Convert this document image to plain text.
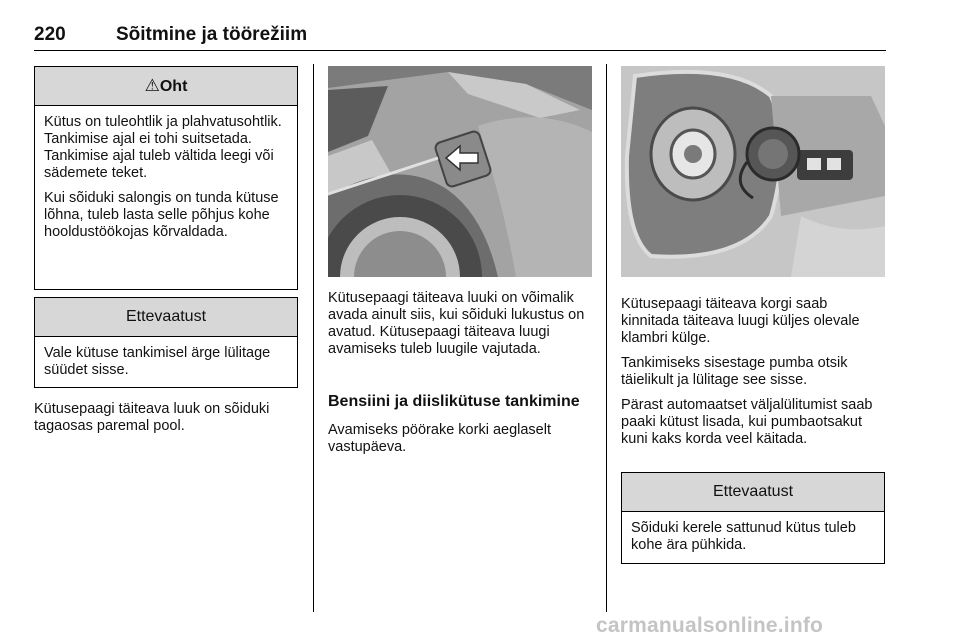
220	Sõitmine ja töörežiim
⚠Oht

Kütus on tuleohtlik ja plahvatusohtlik. Tankimise ajal ei tohi suitsetada. Tankimise ajal tuleb vältida leegi või sädemete teket.

Kui sõiduki salongis on tunda kütuse lõhna, tuleb lasta selle põhjus kohe hooldustöökojas kõrvaldada.

Ettevaatust

Vale kütuse tankimisel ärge lülitage süüdet sisse.

Kütusepaagi täiteava luuk on sõiduki tagaosas paremal pool.

Kütusepaagi täiteava luuki on võimalik avada ainult siis, kui sõiduki lukustus on avatud. Kütusepaagi täiteava luugi avamiseks tuleb luugile vajutada.

Bensiini ja diislikütuse tankimine

Avamiseks pöörake korki aeglaselt vastupäeva.

Kütusepaagi täiteava korgi saab kinnitada täiteava luugi küljes olevale klambri külge.

Tankimiseks sisestage pumba otsik täielikult ja lülitage see sisse.

Pärast automaatset väljalülitumist saab paaki kütust lisada, kui pumbaotsakut kuni kaks korda veel käitada.

Ettevaatust

Sõiduki kerele sattunud kütus tuleb kohe ära pühkida.

carmanualsonline.info
